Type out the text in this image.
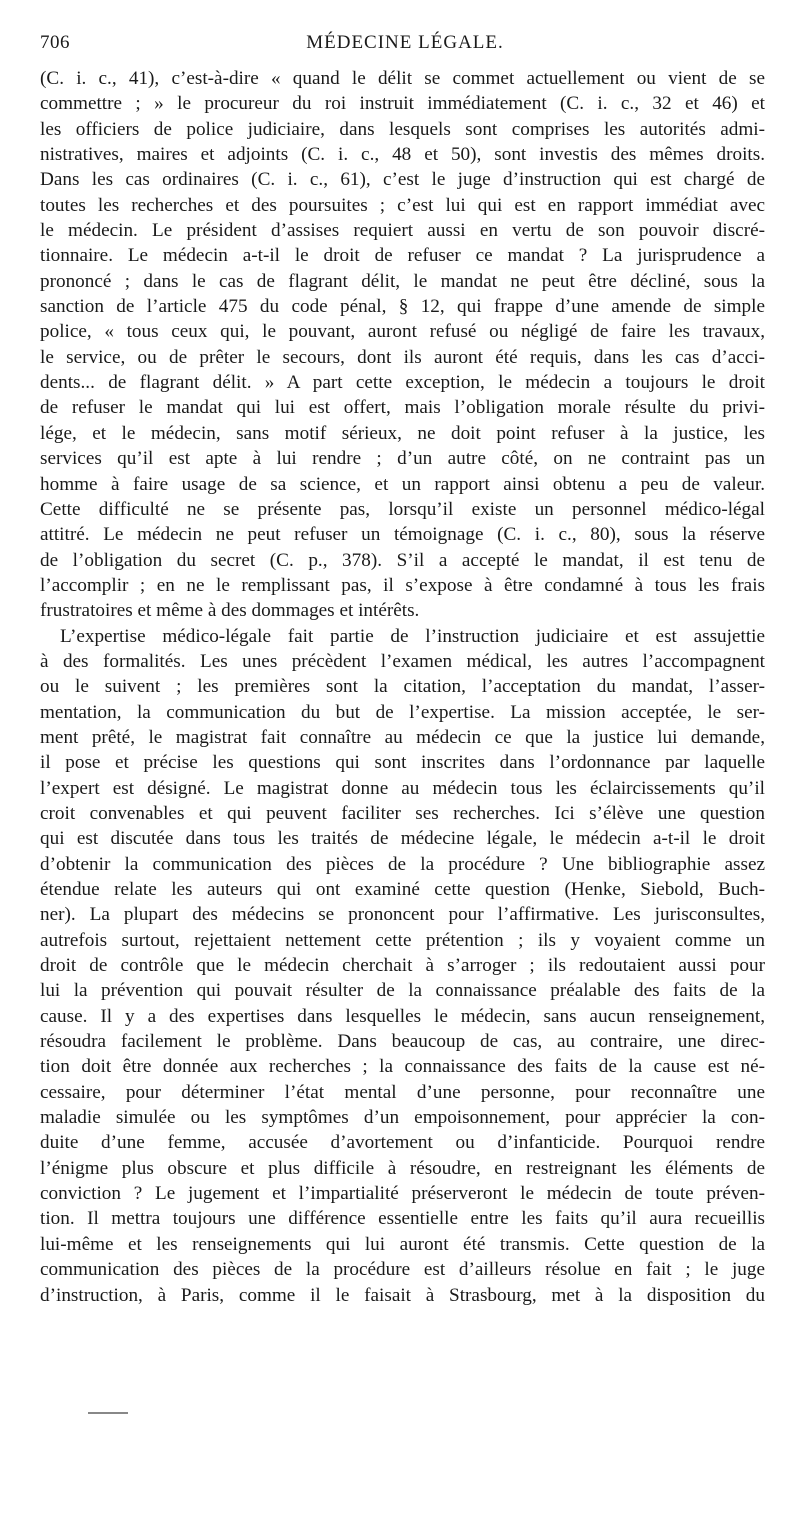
706	MÉDECINE LÉGALE.
(C. i. c., 41), c’est-à-dire « quand le délit se commet actuellement ou vient de se
commettre ; » le procureur du roi instruit immédiatement (C. i. c., 32 et 46) et
les officiers de police judiciaire, dans lesquels sont comprises les autorités admi-
nistratives, maires et adjoints (C. i. c., 48 et 50), sont investis des mêmes droits.
Dans les cas ordinaires (C. i. c., 61), c’est le juge d’instruction qui est chargé de
toutes les recherches et des poursuites ; c’est lui qui est en rapport immédiat avec
le médecin. Le président d’assises requiert aussi en vertu de son pouvoir discré-
tionnaire. Le médecin a-t-il le droit de refuser ce mandat ? La jurisprudence a
prononcé ; dans le cas de flagrant délit, le mandat ne peut être décliné, sous la
sanction de l’article 475 du code pénal, § 12, qui frappe d’une amende de simple
police, « tous ceux qui, le pouvant, auront refusé ou négligé de faire les travaux,
le service, ou de prêter le secours, dont ils auront été requis, dans les cas d’acci-
dents... de flagrant délit. » A part cette exception, le médecin a toujours le droit
de refuser le mandat qui lui est offert, mais l’obligation morale résulte du privi-
lége, et le médecin, sans motif sérieux, ne doit point refuser à la justice, les
services qu’il est apte à lui rendre ; d’un autre côté, on ne contraint pas un
homme à faire usage de sa science, et un rapport ainsi obtenu a peu de valeur.
Cette difficulté ne se présente pas, lorsqu’il existe un personnel médico-légal
attitré. Le médecin ne peut refuser un témoignage (C. i. c., 80), sous la réserve
de l’obligation du secret (C. p., 378). S’il a accepté le mandat, il est tenu de
l’accomplir ; en ne le remplissant pas, il s’expose à être condamné à tous les frais
frustratoires et même à des dommages et intérêts.
L’expertise médico-légale fait partie de l’instruction judiciaire et est assujettie
à des formalités. Les unes précèdent l’examen médical, les autres l’accompagnent
ou le suivent ; les premières sont la citation, l’acceptation du mandat, l’asser-
mentation, la communication du but de l’expertise. La mission acceptée, le ser-
ment prêté, le magistrat fait connaître au médecin ce que la justice lui demande,
il pose et précise les questions qui sont inscrites dans l’ordonnance par laquelle
l’expert est désigné. Le magistrat donne au médecin tous les éclaircissements qu’il
croit convenables et qui peuvent faciliter ses recherches. Ici s’élève une question
qui est discutée dans tous les traités de médecine légale, le médecin a-t-il le droit
d’obtenir la communication des pièces de la procédure ? Une bibliographie assez
étendue relate les auteurs qui ont examiné cette question (Henke, Siebold, Buch-
ner). La plupart des médecins se prononcent pour l’affirmative. Les jurisconsultes,
autrefois surtout, rejettaient nettement cette prétention ; ils y voyaient comme un
droit de contrôle que le médecin cherchait à s’arroger ; ils redoutaient aussi pour
lui la prévention qui pouvait résulter de la connaissance préalable des faits de la
cause. Il y a des expertises dans lesquelles le médecin, sans aucun renseignement,
résoudra facilement le problème. Dans beaucoup de cas, au contraire, une direc-
tion doit être donnée aux recherches ; la connaissance des faits de la cause est né-
cessaire, pour déterminer l’état mental d’une personne, pour reconnaître une
maladie simulée ou les symptômes d’un empoisonnement, pour apprécier la con-
duite d’une femme, accusée d’avortement ou d’infanticide. Pourquoi rendre
l’énigme plus obscure et plus difficile à résoudre, en restreignant les éléments de
conviction ? Le jugement et l’impartialité préserveront le médecin de toute préven-
tion. Il mettra toujours une différence essentielle entre les faits qu’il aura recueillis
lui-même et les renseignements qui lui auront été transmis. Cette question de la
communication des pièces de la procédure est d’ailleurs résolue en fait ; le juge
d’instruction, à Paris, comme il le faisait à Strasbourg, met à la disposition du
